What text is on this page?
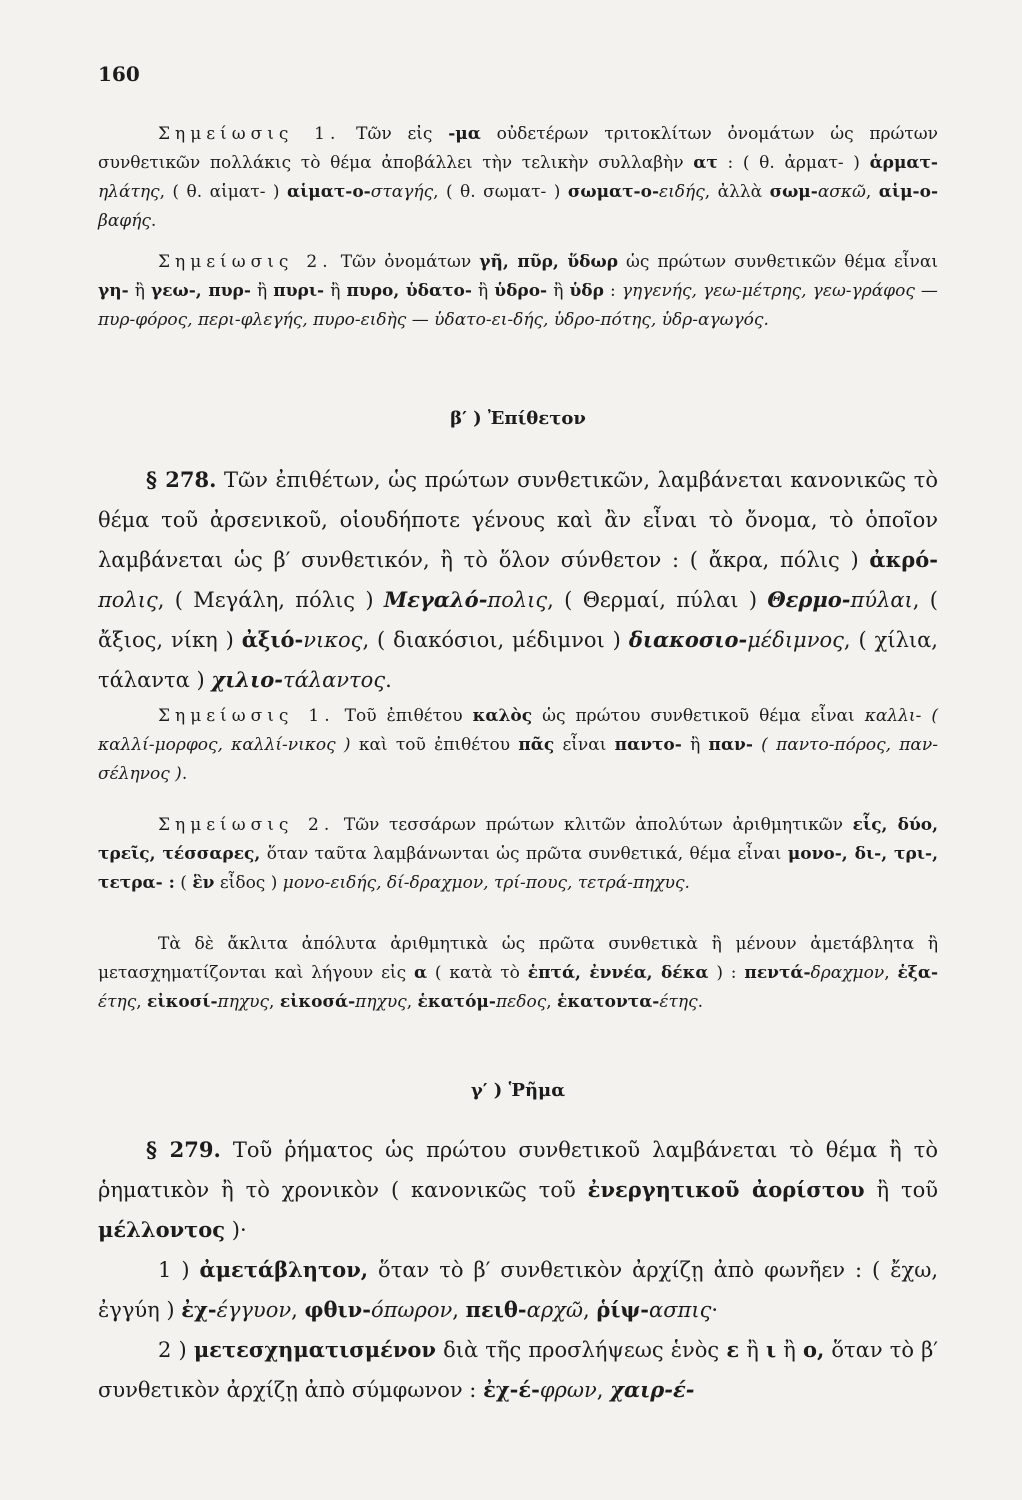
160
Σημείωσις 1. Τῶν εἰς -μα οὐδετέρων τριτοκλίτων ὀνομάτων ὡς πρώτων συνθετικῶν πολλάκις τὸ θέμα ἀποβάλλει τὴν τελικὴν συλλαβὴν ατ : ( θ. ἀρματ- ) ἁρματ-ηλάτης, ( θ. αἱματ- ) αἱματ-ο-σταγής, ( θ. σωματ- ) σωματ-ο-ειδής, ἀλλὰ σωμ-ασκῶ, αἱμ-ο-βαφής.
Σημείωσις 2. Τῶν ὀνομάτων γῆ, πῦρ, ὕδωρ ὡς πρώτων συνθετικῶν θέμα εἶναι γη- ἢ γεω-, πυρ- ἢ πυρι- ἢ πυρο, ὑδατο- ἢ ὑδρο- ἢ ὑδρ : γηγενής, γεω-μέτρης, γεω-γράφος — πυρ-φόρος, περι-φλεγής, πυρο-ειδὴς — ὑδατο-ει-δής, ὑδρο-πότης, ὑδρ-αγωγός.
β′ ) Ἐπίθετον
§ 278. Τῶν ἐπιθέτων, ὡς πρώτων συνθετικῶν, λαμβάνεται κανονικῶς τὸ θέμα τοῦ ἀρσενικοῦ, οἱουδήποτε γένους καὶ ἂν εἶναι τὸ ὄνομα, τὸ ὁποῖον λαμβάνεται ὡς β′ συνθετικόν, ἢ τὸ ὅλον σύνθετον : ( ἄκρα, πόλις ) ἀκρό-πολις, ( Μεγάλη, πόλις ) Μεγαλό-πολις, ( Θερμαί, πύλαι ) Θερμο-πύλαι, ( ἄξιος, νίκη ) ἀξιό-νικος, ( διακόσιοι, μέδιμνοι ) διακοσιο-μέδιμνος, ( χίλια, τάλαντα ) χιλιο-τάλαντος.
Σημείωσις 1. Τοῦ ἐπιθέτου καλὸς ὡς πρώτου συνθετικοῦ θέμα εἶναι καλλι- ( καλλί-μορφος, καλλί-νικος ) καὶ τοῦ ἐπιθέτου πᾶς εἶναι παντο- ἢ παν- ( παντο-πόρος, παν-σέληνος ).
Σημείωσις 2. Τῶν τεσσάρων πρώτων κλιτῶν ἀπολύτων ἀριθμητικῶν εἷς, δύο, τρεῖς, τέσσαρες, ὅταν ταῦτα λαμβάνωνται ὡς πρῶτα συνθετικά, θέμα εἶναι μονο-, δι-, τρι-, τετρα- : ( ἓν εἶδος ) μονο-ειδής, δί-δραχμον, τρί-πους, τετρά-πηχυς.
Τὰ δὲ ἄκλιτα ἀπόλυτα ἀριθμητικὰ ὡς πρῶτα συνθετικὰ ἢ μένουν ἀμετάβλητα ἢ μετασχηματίζονται καὶ λήγουν εἰς α ( κατὰ τὸ ἑπτά, ἐννέα, δέκα ) : πεντά-δραχμον, ἑξα-έτης, εἰκοσί-πηχυς, εἰκοσά-πηχυς, ἑκατόμ-πεδος, ἑκατοντα-έτης.
γ′ ) Ῥῆμα
§ 279. Τοῦ ῥήματος ὡς πρώτου συνθετικοῦ λαμβάνεται τὸ θέμα ἢ τὸ ῥηματικὸν ἢ τὸ χρονικὸν ( κανονικῶς τοῦ ἐνεργητικοῦ ἀορίστου ἢ τοῦ μέλλοντος )·
1 ) ἀμετάβλητον, ὅταν τὸ β′ συνθετικὸν ἀρχίζῃ ἀπὸ φωνῆεν : ( ἔχω, ἐγγύη ) ἐχ-έγγυον, φθιν-όπωρον, πειθ-αρχῶ, ῥίψ-ασπις·
2 ) μετεσχηματισμένον διὰ τῆς προσλήψεως ἑνὸς ε ἢ ι ἢ ο, ὅταν τὸ β′ συνθετικὸν ἀρχίζῃ ἀπὸ σύμφωνον : ἐχ-έ-φρων, χαιρ-έ-
